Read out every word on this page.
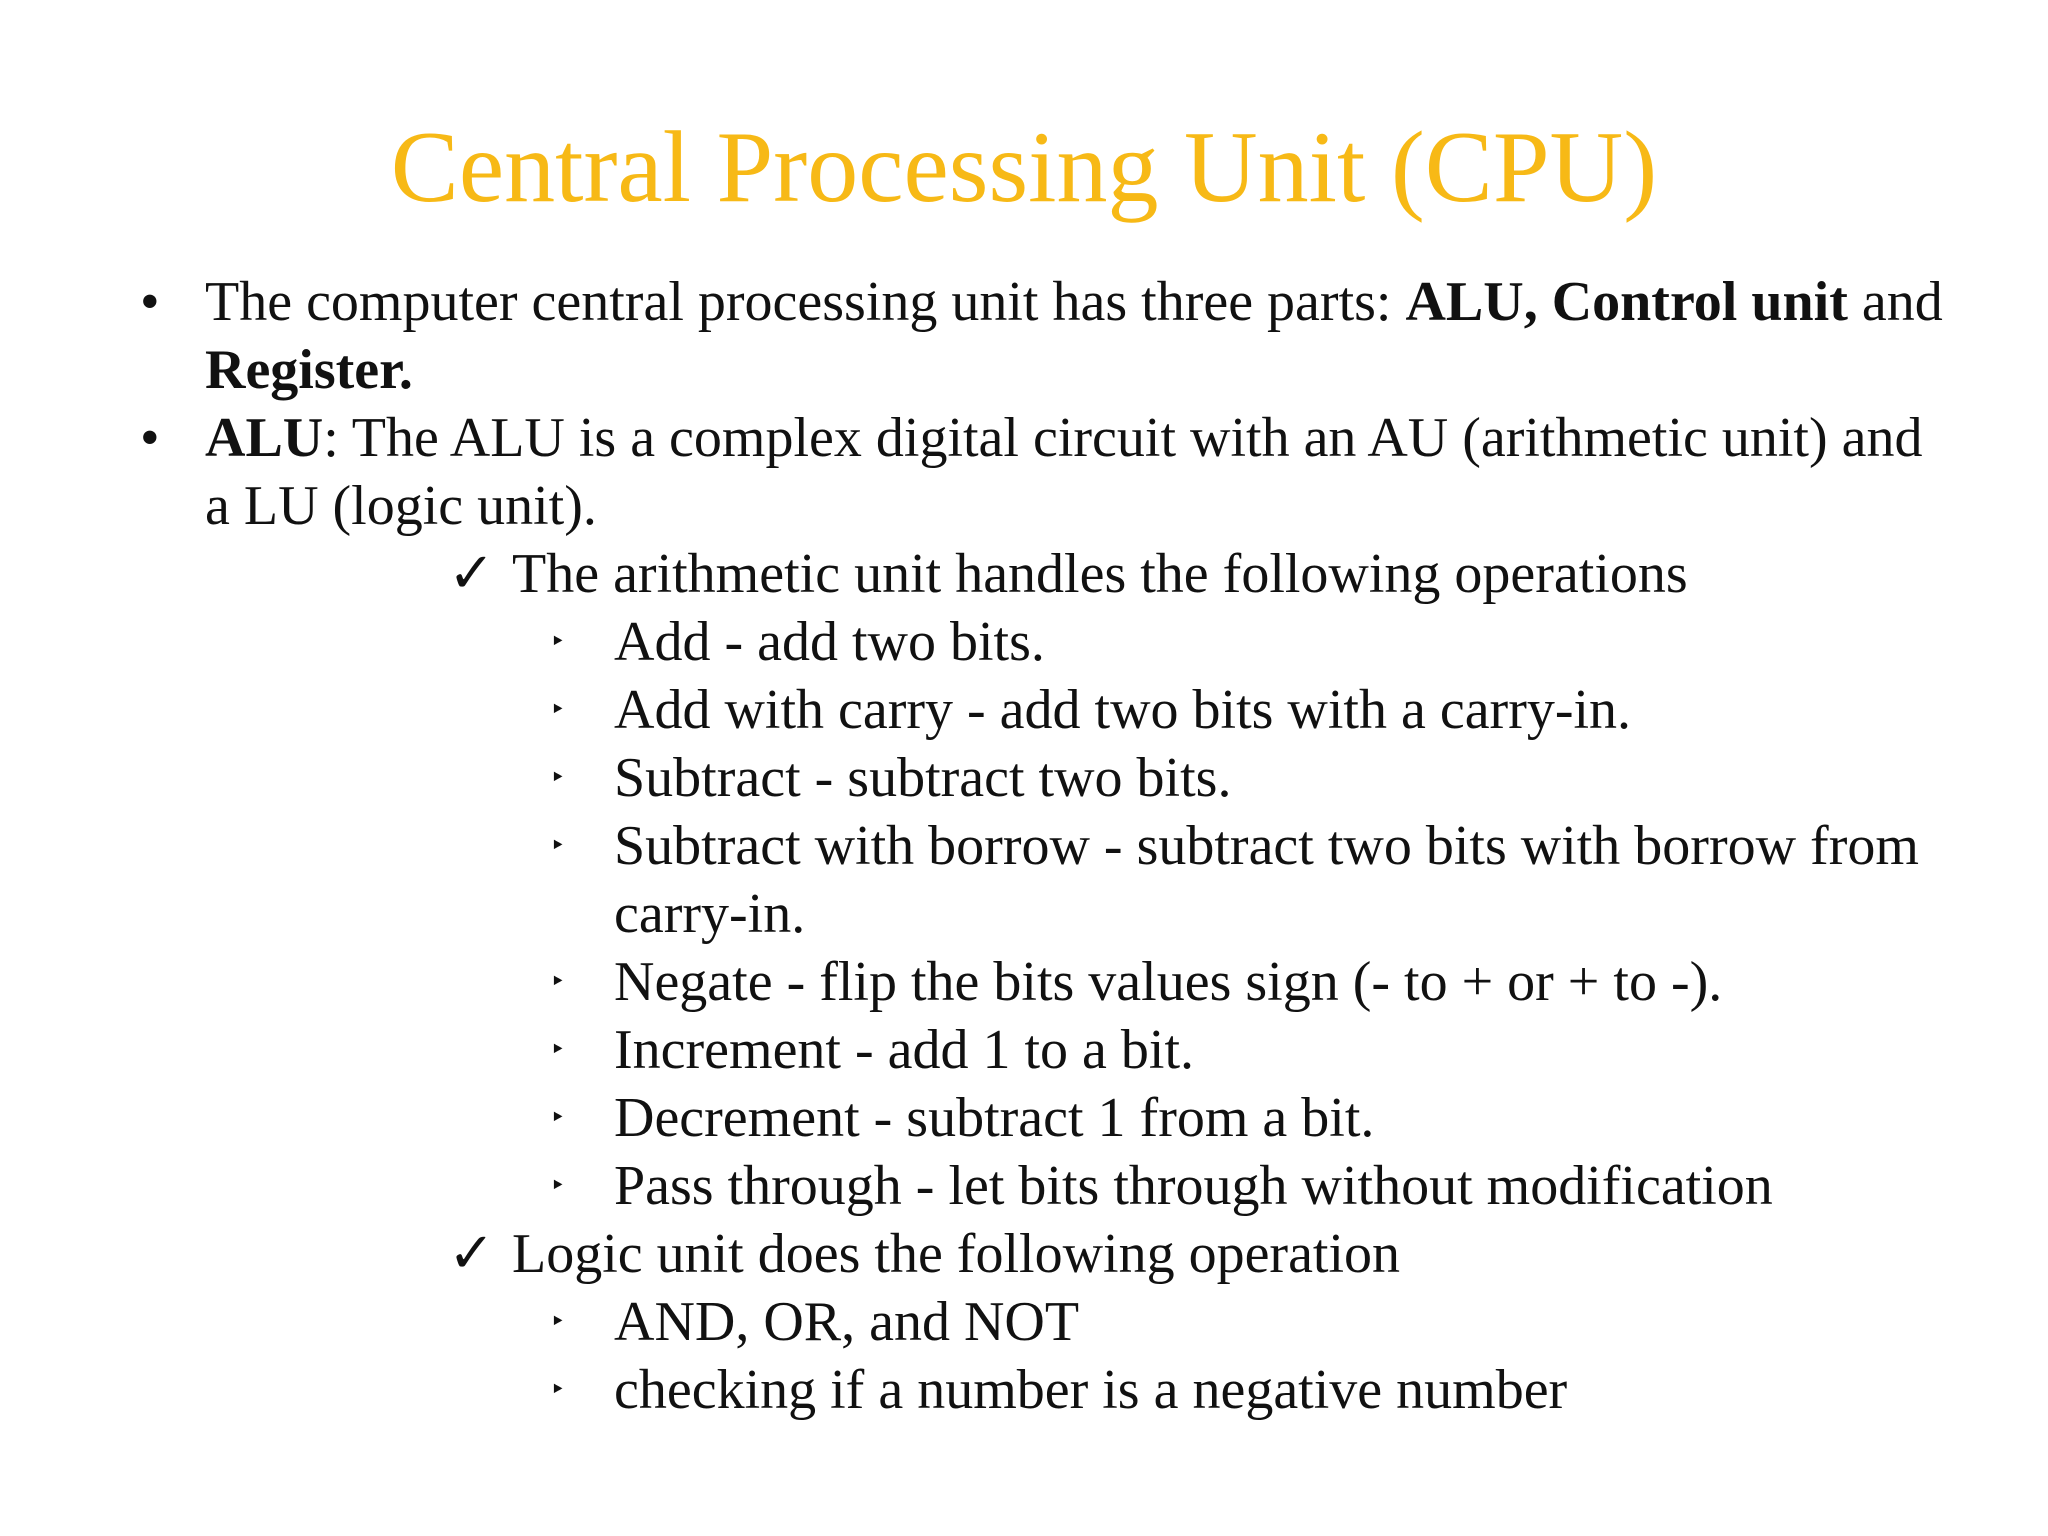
Central Processing Unit (CPU)
• The computer central processing unit has three parts: ALU, Control unit and
Register.
• ALU: The ALU is a complex digital circuit with an AU (arithmetic unit) and
a LU (logic unit).
✓ The arithmetic unit handles the following operations
‣ Add - add two bits.
‣ Add with carry - add two bits with a carry-in.
‣ Subtract - subtract two bits.
‣ Subtract with borrow - subtract two bits with borrow from
carry-in.
‣ Negate - flip the bits values sign (- to + or + to -).
‣ Increment - add 1 to a bit.
‣ Decrement - subtract 1 from a bit.
‣ Pass through - let bits through without modification
✓ Logic unit does the following operation
‣ AND, OR, and NOT
‣ checking if a number is a negative number
